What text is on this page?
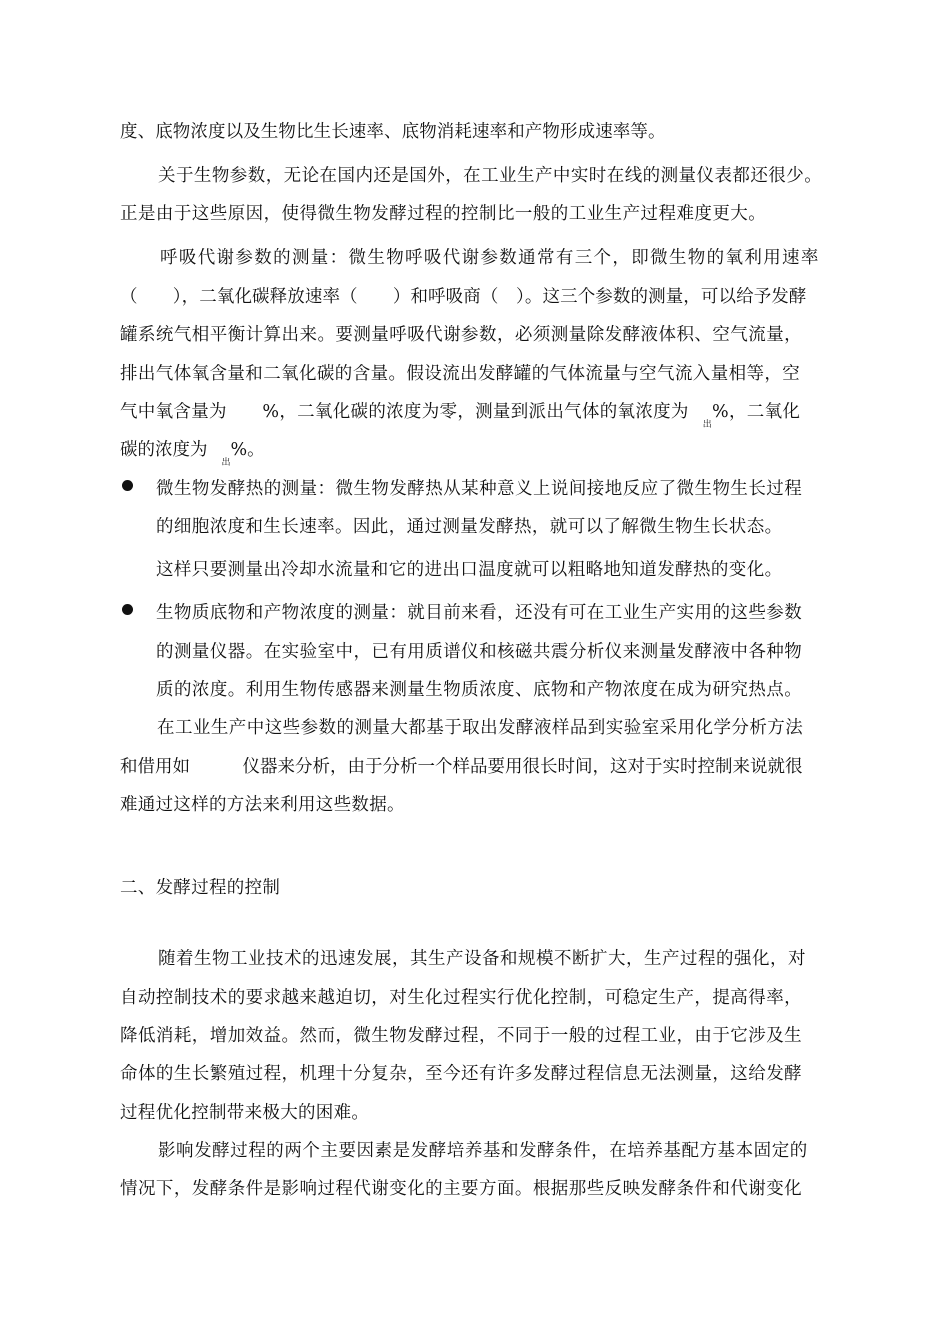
度、底物浓度以及生物比生长速率、底物消耗速率和产物形成速率等。

关于生物参数，无论在国内还是国外，在工业生产中实时在线的测量仪表都还很少。

正是由于这些原因，使得微生物发酵过程的控制比一般的工业生产过程难度更大。

呼吸代谢参数的测量：微生物呼吸代谢参数通常有三个，即微生物的氧利用速率

（　　），二氧化碳释放速率（　　）和呼吸商（　）。这三个参数的测量，可以给予发酵

罐系统气相平衡计算出来。要测量呼吸代谢参数，必须测量除发酵液体积、空气流量，

排出气体氧含量和二氧化碳的含量。假设流出发酵罐的气体流量与空气流入量相等，空

气中氧含量为　　%，二氧化碳的浓度为零，测量到派出气体的氧浓度为出%，二氧化

碳的浓度为出%。

微生物发酵热的测量：微生物发酵热从某种意义上说间接地反应了微生物生长过程

的细胞浓度和生长速率。因此，通过测量发酵热，就可以了解微生物生长状态。

这样只要测量出冷却水流量和它的进出口温度就可以粗略地知道发酵热的变化。

生物质底物和产物浓度的测量：就目前来看，还没有可在工业生产实用的这些参数

的测量仪器。在实验室中，已有用质谱仪和核磁共震分析仪来测量发酵液中各种物

质的浓度。利用生物传感器来测量生物质浓度、底物和产物浓度在成为研究热点。

在工业生产中这些参数的测量大都基于取出发酵液样品到实验室采用化学分析方法

和借用如　　　仪器来分析，由于分析一个样品要用很长时间，这对于实时控制来说就很

难通过这样的方法来利用这些数据。

二、发酵过程的控制

随着生物工业技术的迅速发展，其生产设备和规模不断扩大，生产过程的强化，对

自动控制技术的要求越来越迫切，对生化过程实行优化控制，可稳定生产，提高得率，

降低消耗，增加效益。然而，微生物发酵过程，不同于一般的过程工业，由于它涉及生

命体的生长繁殖过程，机理十分复杂，至今还有许多发酵过程信息无法测量，这给发酵

过程优化控制带来极大的困难。

影响发酵过程的两个主要因素是发酵培养基和发酵条件，在培养基配方基本固定的

情况下，发酵条件是影响过程代谢变化的主要方面。根据那些反映发酵条件和代谢变化
